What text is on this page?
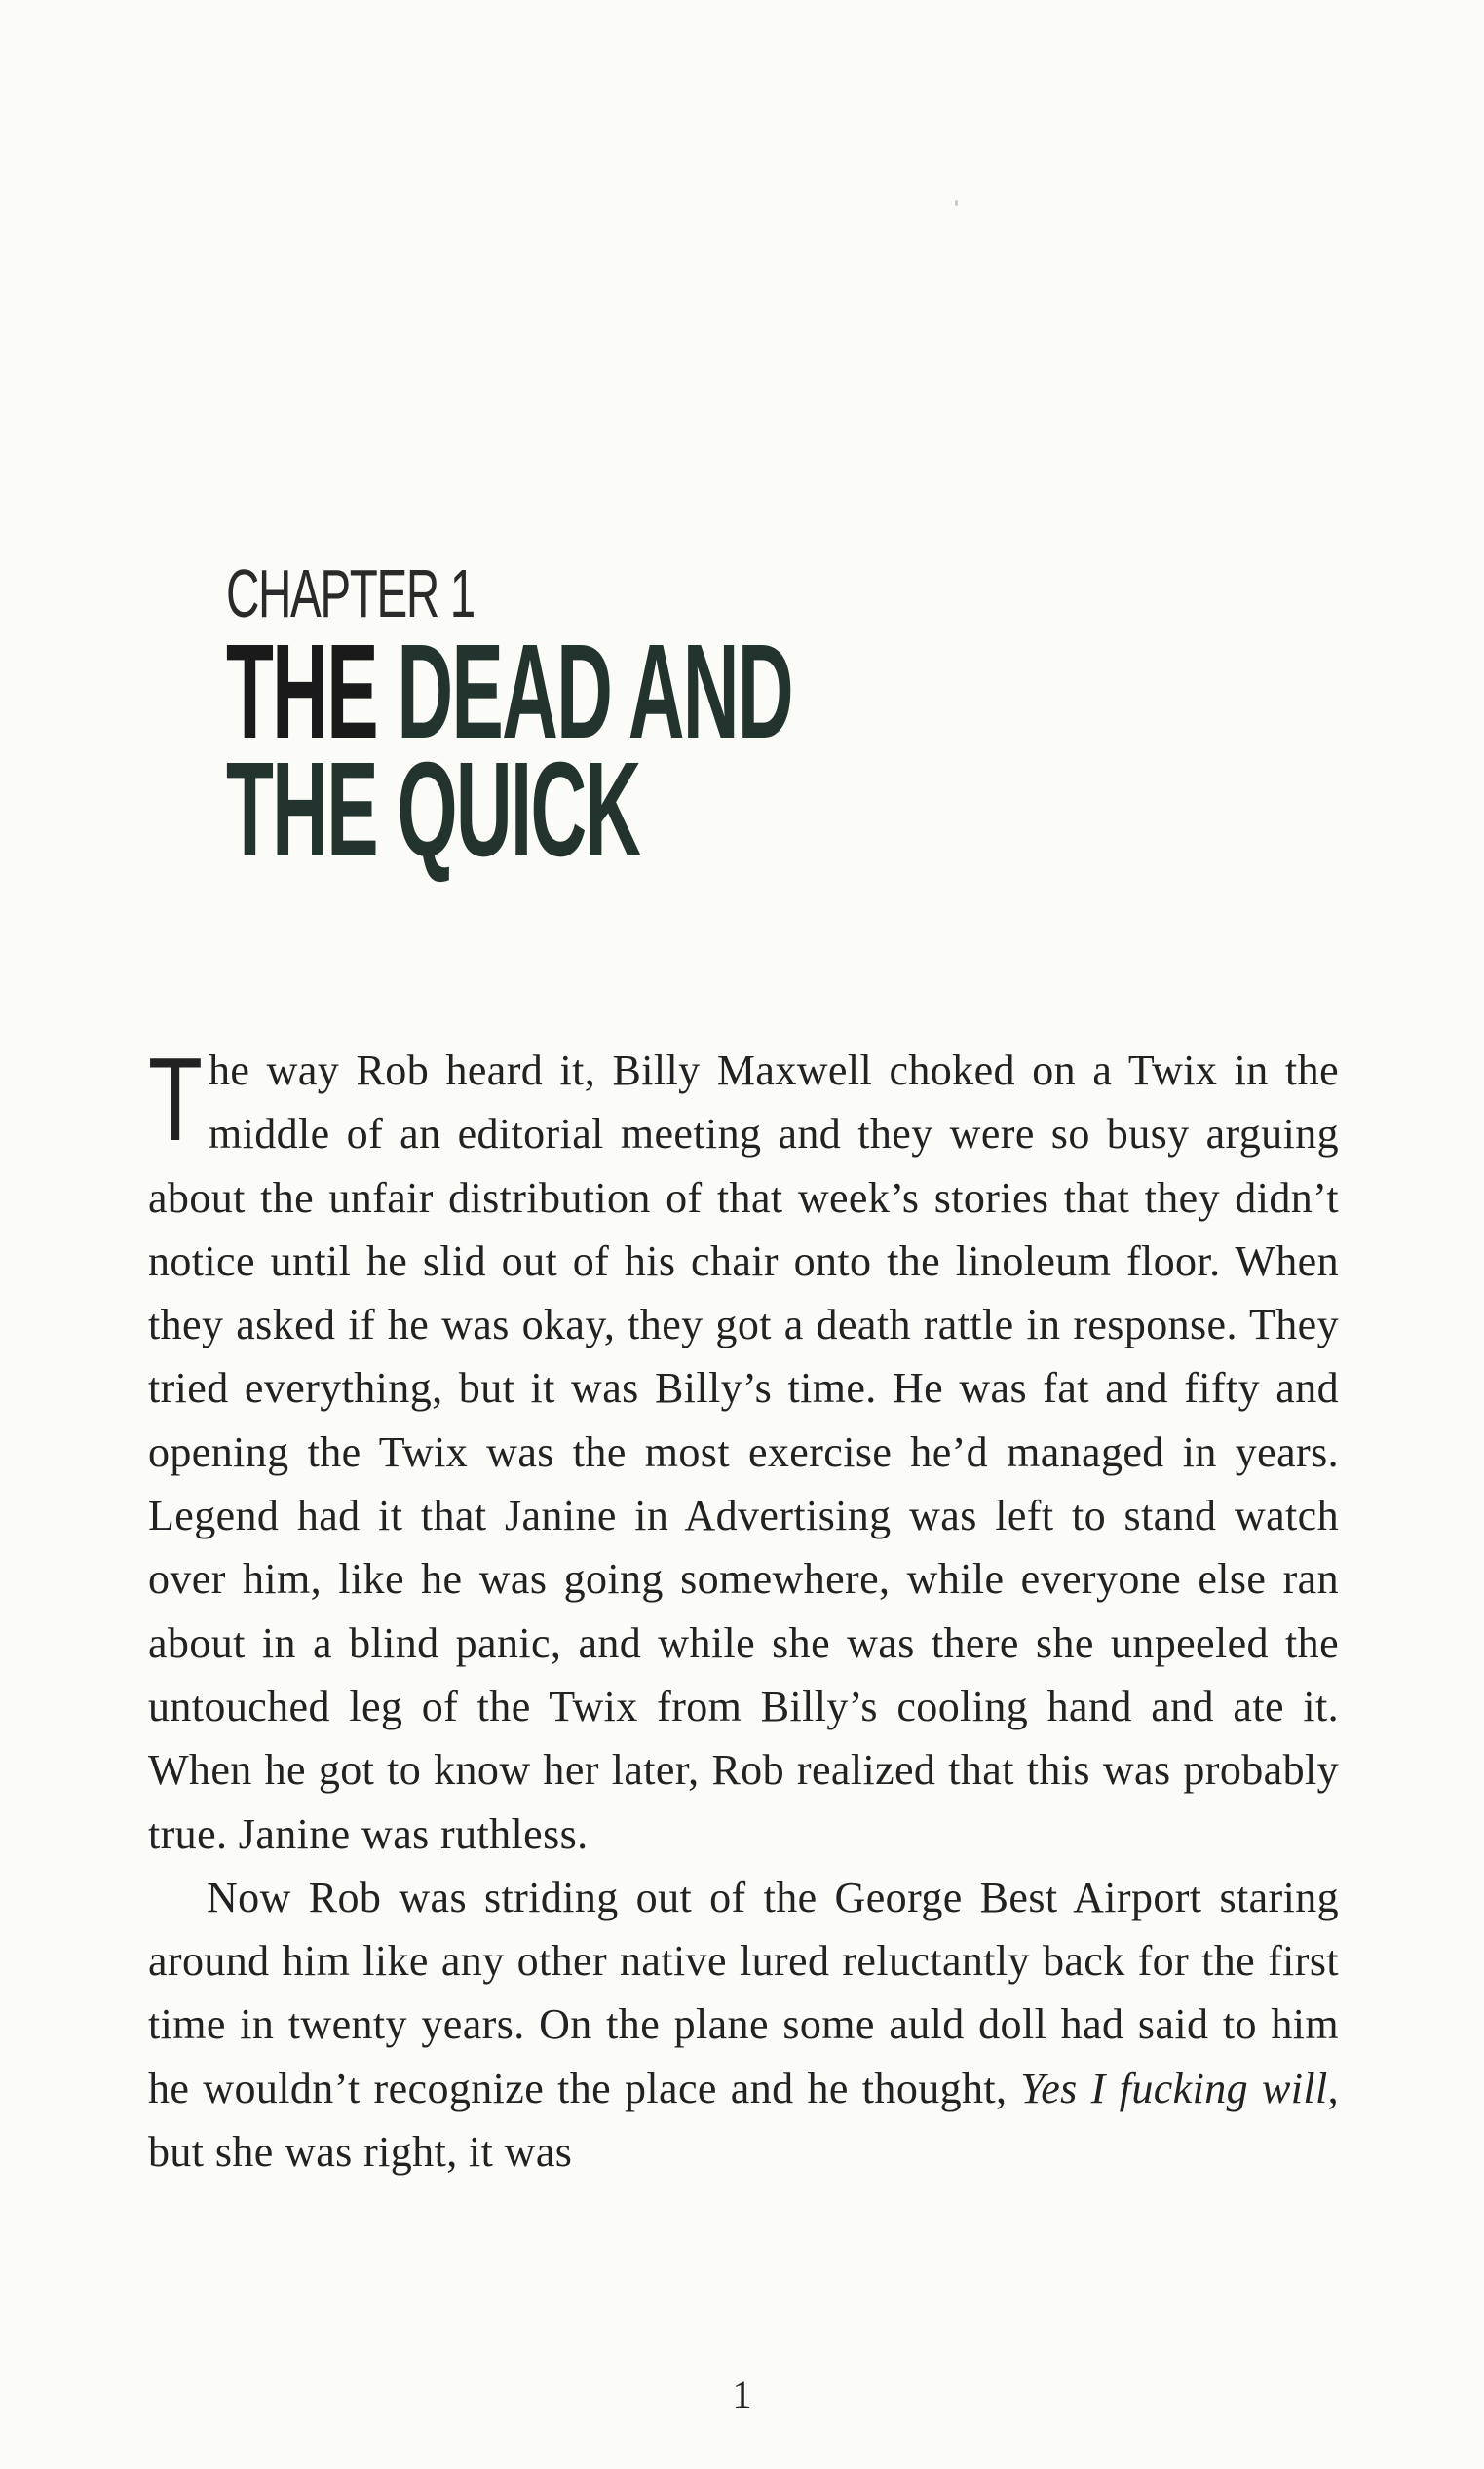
CHAPTER 1
THE DEAD AND
THE QUICK

The way Rob heard it, Billy Maxwell choked on a Twix in the middle of an editorial meeting and they were so busy arguing about the unfair distribution of that week’s stories that they didn’t notice until he slid out of his chair onto the linoleum floor. When they asked if he was okay, they got a death rattle in response. They tried everything, but it was Billy’s time. He was fat and fifty and opening the Twix was the most exercise he’d managed in years. Legend had it that Janine in Advertising was left to stand watch over him, like he was going somewhere, while everyone else ran about in a blind panic, and while she was there she unpeeled the untouched leg of the Twix from Billy’s cooling hand and ate it. When he got to know her later, Rob realized that this was probably true. Janine was ruthless.

Now Rob was striding out of the George Best Airport staring around him like any other native lured reluctantly back for the first time in twenty years. On the plane some auld doll had said to him he wouldn’t recognize the place and he thought, Yes I fucking will, but she was right, it was

1
